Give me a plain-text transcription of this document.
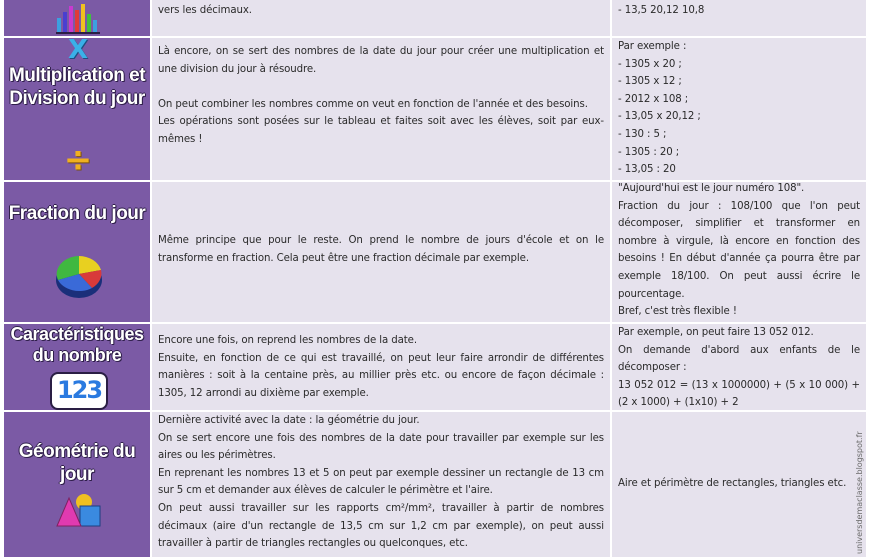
vers les décimaux.	- 13,5 20,12 10,8

X
Multiplication et Division du jour
÷

Là encore, on se sert des nombres de la date du jour pour créer une multiplication et une division du jour à résoudre.

On peut combiner les nombres comme on veut en fonction de l'année et des besoins.

Les opérations sont posées sur le tableau et faites soit avec les élèves, soit par eux-mêmes !

Par exemple :

- 1305 x 20 ;

- 1305 x 12 ;

- 2012 x 108 ;

- 13,05 x 20,12 ;

- 130 : 5 ;

- 1305 : 20 ;

- 13,05 : 20

Fraction du jour

Même principe que pour le reste. On prend le nombre de jours d'école et on le transforme en fraction. Cela peut être une fraction décimale par exemple.

"Aujourd'hui est le jour numéro 108".

Fraction du jour : 108/100 que l'on peut décomposer, simplifier et transformer en nombre à virgule, là encore en fonction des besoins ! En début d'année ça pourra être par exemple 18/100. On peut aussi écrire le pourcentage.

Bref, c'est très flexible !

Caractéristiques du nombre
123

Encore une fois, on reprend les nombres de la date.

Ensuite, en fonction de ce qui est travaillé, on peut leur faire arrondir de différentes manières : soit à la centaine près, au millier près etc. ou encore de façon décimale : 1305, 12 arrondi au dixième par exemple.

Par exemple, on peut faire 13 052 012.

On demande d'abord aux enfants de le décomposer :

13 052 012 = (13 x 1000000) + (5 x 10 000) + (2 x 1000) + (1x10) + 2

Géométrie du jour

Dernière activité avec la date : la géométrie du jour.

On se sert encore une fois des nombres de la date pour travailler par exemple sur les aires ou les périmètres.

En reprenant les nombres 13 et 5 on peut par exemple dessiner un rectangle de 13 cm sur 5 cm et demander aux élèves de calculer le périmètre et l'aire.

On peut aussi travailler sur les rapports cm²/mm², travailler à partir de nombres décimaux (aire d'un rectangle de 13,5 cm sur 1,2 cm par exemple), on peut aussi travailler à partir de triangles rectangles ou quelconques, etc.

Aire et périmètre de rectangles, triangles etc.	universdemaclasse.blogspot.fr
